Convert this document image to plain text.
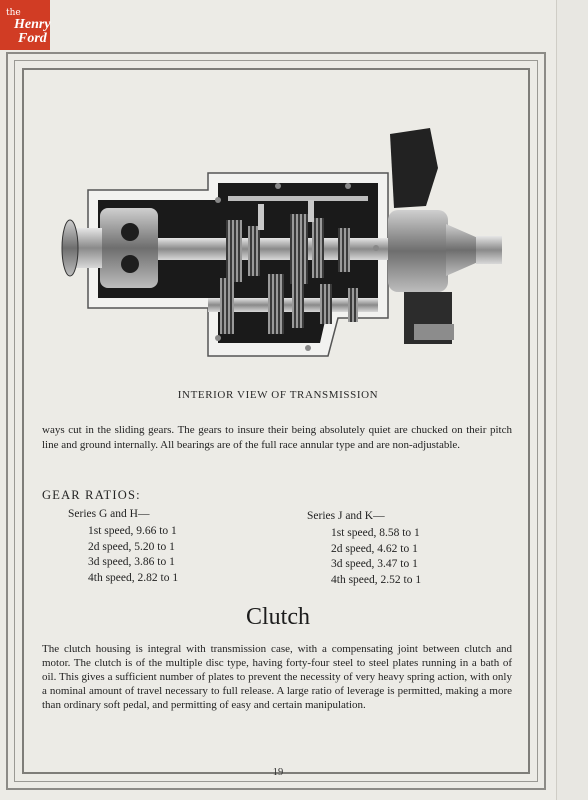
the
Henry
Ford
INTERIOR VIEW OF TRANSMISSION
ways cut in the sliding gears. The gears to insure their being absolutely quiet are chucked on their pitch line and ground internally. All bearings are of the full race annular type and are non-adjustable.
GEAR RATIOS:
Series G and H—	Series J and K—
1st speed, 9.66 to 1
2d speed, 5.20 to 1
3d speed, 3.86 to 1
4th speed, 2.82 to 1
1st speed, 8.58 to 1
2d speed, 4.62 to 1
3d speed, 3.47 to 1
4th speed, 2.52 to 1
Clutch
The clutch housing is integral with transmission case, with a compensating joint between clutch and motor. The clutch is of the multiple disc type, having forty-four steel to steel plates running in a bath of oil. This gives a sufficient number of plates to prevent the necessity of very heavy spring action, with only a nominal amount of travel necessary to full release. A large ratio of leverage is permitted, making a more than ordinary soft pedal, and permitting of easy and certain manipulation.
19
